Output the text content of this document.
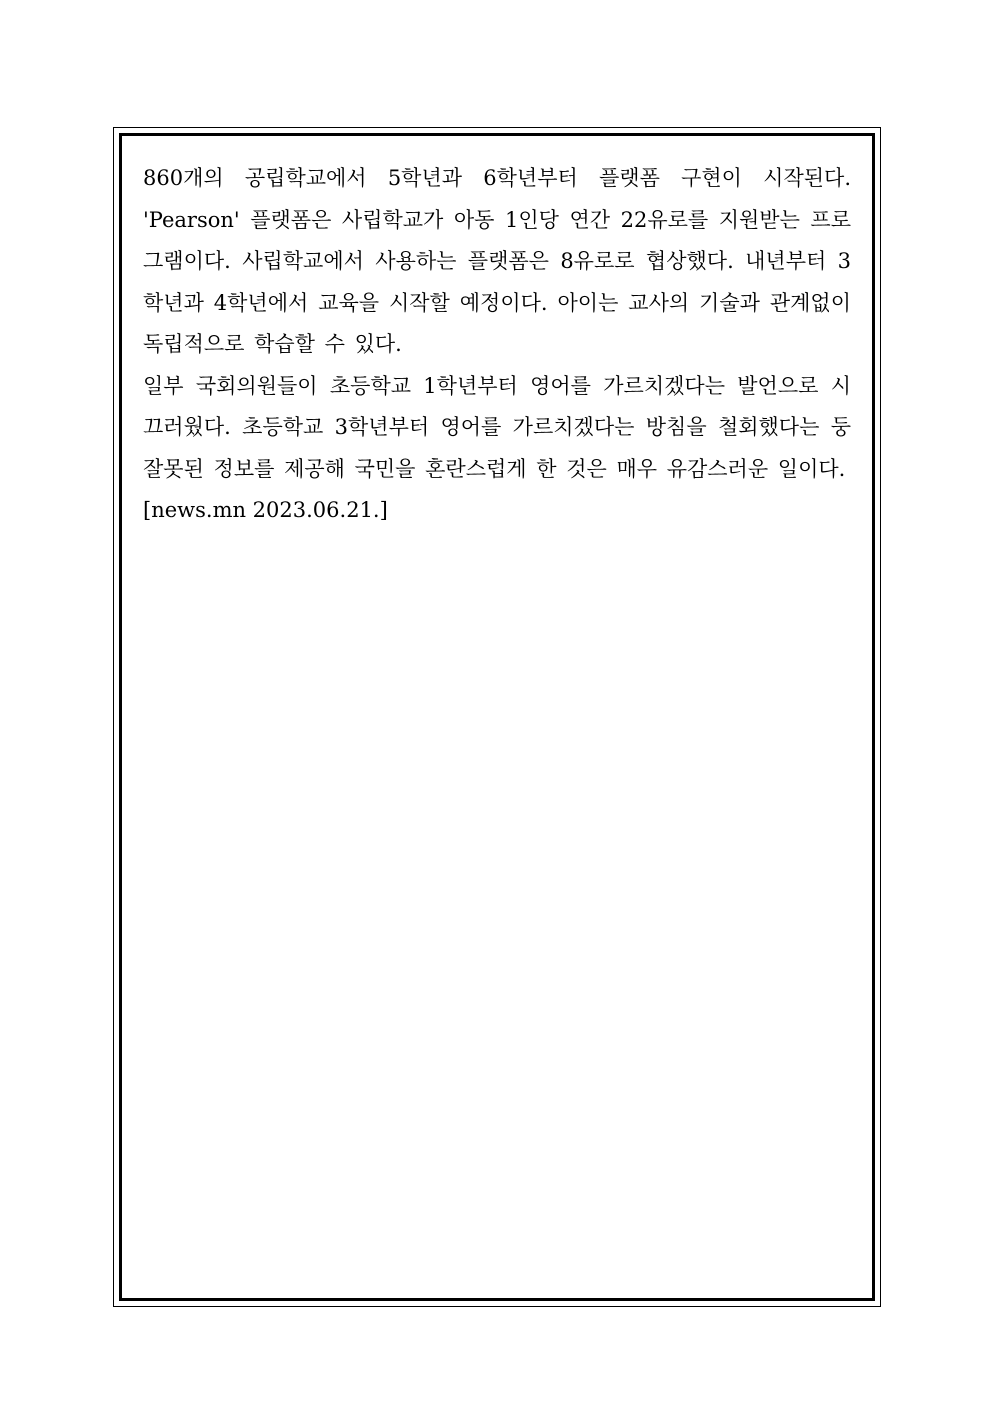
860개의 공립학교에서 5학년과 6학년부터 플랫폼 구현이 시작된다. 'Pearson' 플랫폼은 사립학교가 아동 1인당 연간 22유로를 지원받는 프로그램이다. 사립학교에서 사용하는 플랫폼은 8유로로 협상했다. 내년부터 3학년과 4학년에서 교육을 시작할 예정이다. 아이는 교사의 기술과 관계없이 독립적으로 학습할 수 있다.

일부 국회의원들이 초등학교 1학년부터 영어를 가르치겠다는 발언으로 시끄러웠다. 초등학교 3학년부터 영어를 가르치겠다는 방침을 철회했다는 둥 잘못된 정보를 제공해 국민을 혼란스럽게 한 것은 매우 유감스러운 일이다.

[news.mn 2023.06.21.]
